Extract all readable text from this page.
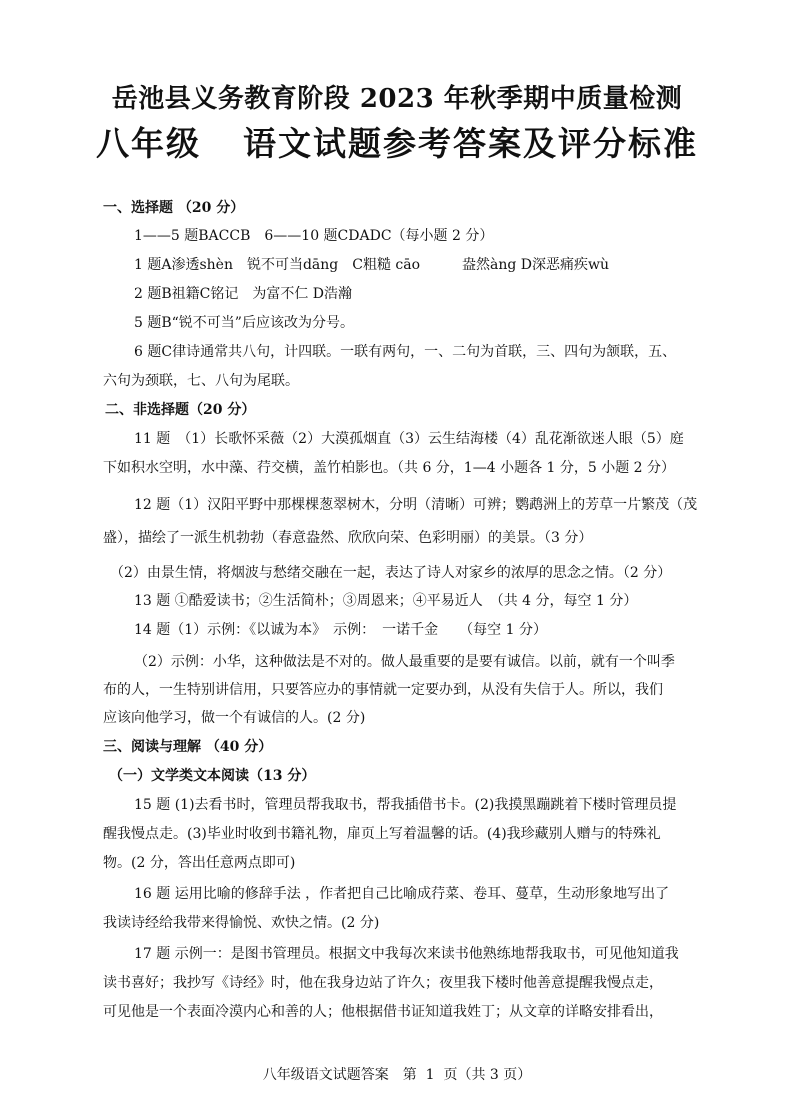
岳池县义务教育阶段 2023 年秋季期中质量检测
八年级 语文试题参考答案及评分标准
一、选择题 （20 分）
1——5 题BACCB　6——10 题CDADC（每小题 2 分）
1 题A渗透shèn　锐不可当dāng　C粗糙 cāo　　　盎然àng D深恶痛疾wù
2 题B祖籍C铭记　为富不仁 D浩瀚
5 题B“锐不可当”后应该改为分号。
6 题C律诗通常共八句，计四联。一联有两句，一、二句为首联，三、四句为颔联，五、
六句为颈联，七、八句为尾联。
二、非选择题（20 分）
11 题　（1）长歌怀采薇（2）大漠孤烟直（3）云生结海楼（4）乱花渐欲迷人眼（5）庭
下如积水空明，水中藻、荇交横，盖竹柏影也。（共 6 分，1—4 小题各 1 分，5 小题 2 分）
12 题（1）汉阳平野中那棵棵葱翠树木，分明（清晰）可辨；鹦鹉洲上的芳草一片繁茂（茂
盛），描绘了一派生机勃勃（春意盎然、欣欣向荣、色彩明丽）的美景。（3 分）
（2）由景生情，将烟波与愁绪交融在一起，表达了诗人对家乡的浓厚的思念之情。（2 分）
13 题 ①酷爱读书；②生活简朴；③周恩来；④平易近人　（共 4 分，每空 1 分）
14 题（1）示例：《以诚为本》　示例：　一诺千金　　（每空 1 分）
（2）示例：小华，这种做法是不对的。做人最重要的是要有诚信。以前，就有一个叫季
布的人，一生特别讲信用，只要答应办的事情就一定要办到，从没有失信于人。所以，我们
应该向他学习，做一个有诚信的人。(2 分)
三、阅读与理解 （40 分）
（一）文学类文本阅读（13 分）
15 题 (1)去看书时，管理员帮我取书，帮我插借书卡。(2)我摸黑蹦跳着下楼时管理员提
醒我慢点走。(3)毕业时收到书籍礼物，扉页上写着温馨的话。(4)我珍藏别人赠与的特殊礼
物。(2 分，答出任意两点即可)
16 题 运用比喻的修辞手法 ，作者把自己比喻成荇菜、卷耳、蔓草，生动形象地写出了
我读诗经给我带来得愉悦、欢快之情。(2 分)
17 题 示例一：是图书管理员。根据文中我每次来读书他熟练地帮我取书，可见他知道我
读书喜好；我抄写《诗经》时，他在我身边站了许久；夜里我下楼时他善意提醒我慢点走，
可见他是一个表面冷漠内心和善的人；他根据借书证知道我姓丁；从文章的详略安排看出，
八年级语文试题答案　第  1  页（共 3 页）
